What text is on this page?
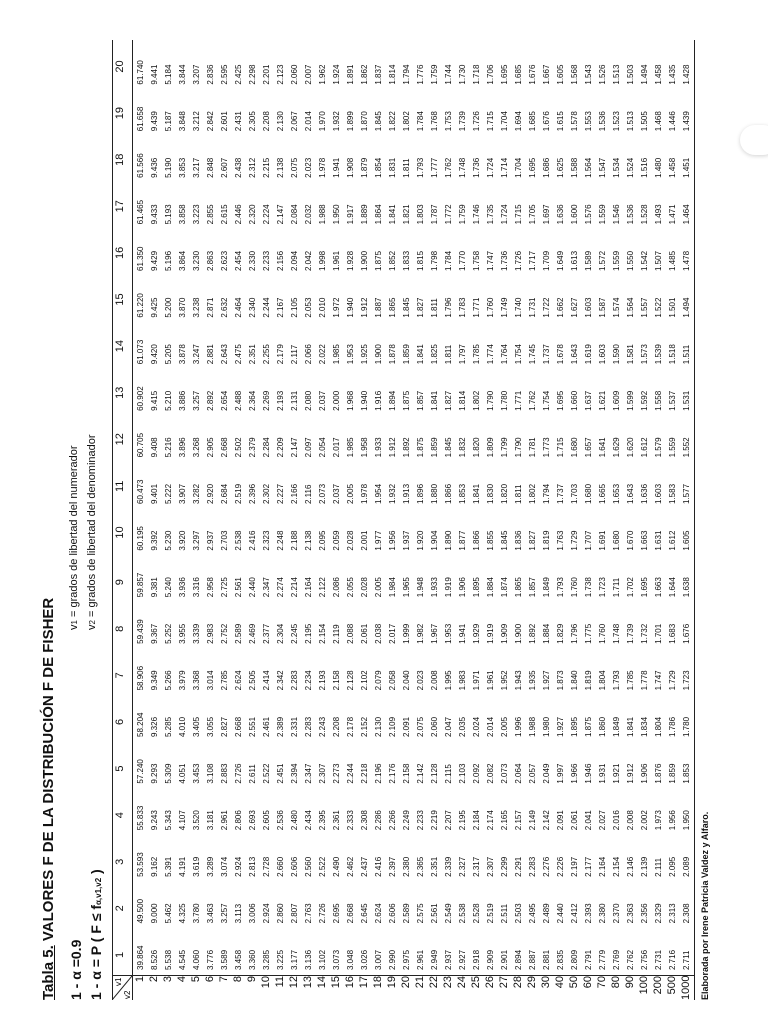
Tabla 5. VALORES F DE LA DISTRIBUCIÓN F DE FISHER
1 - α =0.9 1 - α = P ( F ≤ fα,v1,v2 )
v1 = grados de libertad del numerador
v2 = grados de libertad del denominador
v1
v2
1
2
3
4
5
6
7
8
9
10
11
12
13
14
15
16
17
18
19
20
1
39.864
49.500
53.593
55.833
57.240
58.204
58.906
59.439
59.857
60.195
60.473
60.705
60.902
61.073
61.220
61.350
61.465
61.566
61.658
61.740
2
8.526
9.000
9.162
9.243
9.293
9.326
9.349
9.367
9.381
9.392
9.401
9.408
9.415
9.420
9.425
9.429
9.433
9.436
9.439
9.441
3
5.538
5.462
5.391
5.343
5.309
5.285
5.266
5.252
5.240
5.230
5.222
5.216
5.210
5.205
5.200
5.196
5.193
5.190
5.187
5.184
4
4.545
4.325
4.191
4.107
4.051
4.010
3.979
3.955
3.936
3.920
3.907
3.896
3.886
3.878
3.870
3.864
3.858
3.853
3.848
3.844
5
4.060
3.780
3.619
3.520
3.453
3.405
3.368
3.339
3.316
3.297
3.282
3.268
3.257
3.247
3.238
3.230
3.223
3.217
3.212
3.207
6
3.776
3.463
3.289
3.181
3.108
3.055
3.014
2.983
2.958
2.937
2.920
2.905
2.892
2.881
2.871
2.863
2.855
2.848
2.842
2.836
7
3.589
3.257
3.074
2.961
2.883
2.827
2.785
2.752
2.725
2.703
2.684
2.668
2.654
2.643
2.632
2.623
2.615
2.607
2.601
2.595
8
3.458
3.113
2.924
2.806
2.726
2.668
2.624
2.589
2.561
2.538
2.519
2.502
2.488
2.475
2.464
2.454
2.446
2.438
2.431
2.425
9
3.360
3.006
2.813
2.693
2.611
2.551
2.505
2.469
2.440
2.416
2.396
2.379
2.364
2.351
2.340
2.330
2.320
2.312
2.305
2.298
10
3.285
2.924
2.728
2.605
2.522
2.461
2.414
2.377
2.347
2.323
2.302
2.284
2.269
2.255
2.244
2.233
2.224
2.215
2.208
2.201
11
3.225
2.860
2.660
2.536
2.451
2.389
2.342
2.304
2.274
2.248
2.227
2.209
2.193
2.179
2.167
2.156
2.147
2.138
2.130
2.123
12
3.177
2.807
2.606
2.480
2.394
2.331
2.283
2.245
2.214
2.188
2.166
2.147
2.131
2.117
2.105
2.094
2.084
2.075
2.067
2.060
13
3.136
2.763
2.560
2.434
2.347
2.283
2.234
2.195
2.164
2.138
2.116
2.097
2.080
2.066
2.053
2.042
2.032
2.023
2.014
2.007
14
3.102
2.726
2.522
2.395
2.307
2.243
2.193
2.154
2.122
2.095
2.073
2.054
2.037
2.022
2.010
1.998
1.988
1.978
1.970
1.962
15
3.073
2.695
2.490
2.361
2.273
2.208
2.158
2.119
2.086
2.059
2.037
2.017
2.000
1.985
1.972
1.961
1.950
1.941
1.932
1.924
16
3.048
2.668
2.462
2.333
2.244
2.178
2.128
2.088
2.055
2.028
2.005
1.985
1.968
1.953
1.940
1.928
1.917
1.908
1.899
1.891
17
3.026
2.645
2.437
2.308
2.218
2.152
2.102
2.061
2.028
2.001
1.978
1.958
1.940
1.925
1.912
1.900
1.889
1.879
1.870
1.862
18
3.007
2.624
2.416
2.286
2.196
2.130
2.079
2.038
2.005
1.977
1.954
1.933
1.916
1.900
1.887
1.875
1.864
1.854
1.845
1.837
19
2.990
2.606
2.397
2.266
2.176
2.109
2.058
2.017
1.984
1.956
1.932
1.912
1.894
1.878
1.865
1.852
1.841
1.831
1.822
1.814
20
2.975
2.589
2.380
2.249
2.158
2.091
2.040
1.999
1.965
1.937
1.913
1.892
1.875
1.859
1.845
1.833
1.821
1.811
1.802
1.794
21
2.961
2.575
2.365
2.233
2.142
2.075
2.023
1.982
1.948
1.920
1.896
1.875
1.857
1.841
1.827
1.815
1.803
1.793
1.784
1.776
22
2.949
2.561
2.351
2.219
2.128
2.060
2.008
1.967
1.933
1.904
1.880
1.859
1.841
1.825
1.811
1.798
1.787
1.777
1.768
1.759
23
2.937
2.549
2.339
2.207
2.115
2.047
1.995
1.953
1.919
1.890
1.866
1.845
1.827
1.811
1.796
1.784
1.772
1.762
1.753
1.744
24
2.927
2.538
2.327
2.195
2.103
2.035
1.983
1.941
1.906
1.877
1.853
1.832
1.814
1.797
1.783
1.770
1.759
1.748
1.739
1.730
25
2.918
2.528
2.317
2.184
2.092
2.024
1.971
1.929
1.895
1.866
1.841
1.820
1.802
1.785
1.771
1.758
1.746
1.736
1.726
1.718
26
2.909
2.519
2.307
2.174
2.082
2.014
1.961
1.919
1.884
1.855
1.830
1.809
1.790
1.774
1.760
1.747
1.735
1.724
1.715
1.706
27
2.901
2.511
2.299
2.165
2.073
2.005
1.952
1.909
1.874
1.845
1.820
1.799
1.780
1.764
1.749
1.736
1.724
1.714
1.704
1.695
28
2.894
2.503
2.291
2.157
2.064
1.996
1.943
1.900
1.865
1.836
1.811
1.790
1.771
1.754
1.740
1.726
1.715
1.704
1.694
1.685
29
2.887
2.495
2.283
2.149
2.057
1.988
1.935
1.892
1.857
1.827
1.802
1.781
1.762
1.745
1.731
1.717
1.705
1.695
1.685
1.676
30
2.881
2.489
2.276
2.142
2.049
1.980
1.927
1.884
1.849
1.819
1.794
1.773
1.754
1.737
1.722
1.709
1.697
1.686
1.676
1.667
40
2.835
2.440
2.226
2.091
1.997
1.927
1.873
1.829
1.793
1.763
1.737
1.715
1.695
1.678
1.662
1.649
1.636
1.625
1.615
1.605
50
2.809
2.412
2.197
2.061
1.966
1.895
1.840
1.796
1.760
1.729
1.703
1.680
1.660
1.643
1.627
1.613
1.600
1.588
1.578
1.568
60
2.791
2.393
2.177
2.041
1.946
1.875
1.819
1.775
1.738
1.707
1.680
1.657
1.637
1.619
1.603
1.589
1.576
1.564
1.553
1.543
70
2.779
2.380
2.164
2.027
1.931
1.860
1.804
1.760
1.723
1.691
1.665
1.641
1.621
1.603
1.587
1.572
1.559
1.547
1.536
1.526
80
2.769
2.370
2.154
2.016
1.921
1.849
1.793
1.748
1.711
1.680
1.653
1.629
1.609
1.590
1.574
1.559
1.546
1.534
1.523
1.513
90
2.762
2.363
2.146
2.008
1.912
1.841
1.785
1.739
1.702
1.670
1.643
1.620
1.599
1.581
1.564
1.550
1.536
1.524
1.513
1.503
100
2.756
2.356
2.139
2.002
1.906
1.834
1.778
1.732
1.695
1.663
1.636
1.612
1.592
1.573
1.557
1.542
1.528
1.516
1.505
1.494
200
2.731
2.329
2.111
1.973
1.876
1.804
1.747
1.701
1.663
1.631
1.603
1.579
1.558
1.539
1.522
1.507
1.493
1.480
1.468
1.458
500
2.716
2.313
2.095
1.956
1.859
1.786
1.729
1.683
1.644
1.612
1.583
1.559
1.537
1.518
1.501
1.485
1.471
1.458
1.446
1.435
1000
2.711
2.308
2.089
1.950
1.853
1.780
1.723
1.676
1.638
1.605
1.577
1.552
1.531
1.511
1.494
1.478
1.464
1.451
1.439
1.428
Elaborada por Irene Patricia Valdez y Alfaro.
